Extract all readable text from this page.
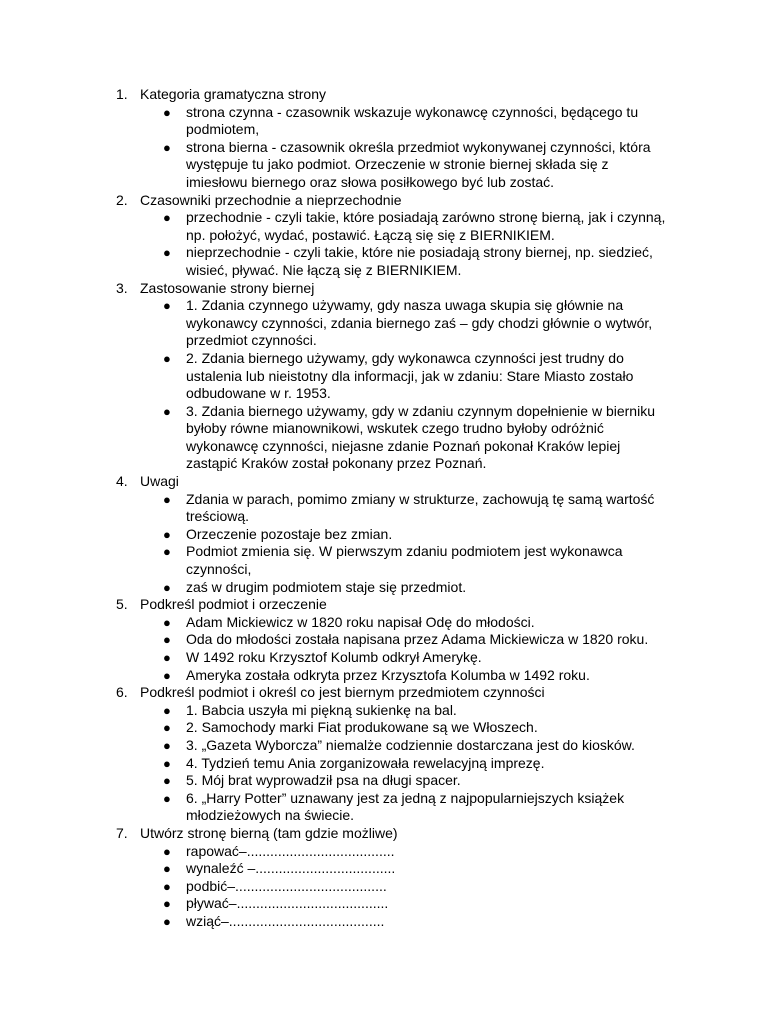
1. Kategoria gramatyczna strony
● strona czynna - czasownik wskazuje wykonawcę czynności, będącego tu
podmiotem,
● strona bierna - czasownik określa przedmiot wykonywanej czynności, która
występuje tu jako podmiot. Orzeczenie w stronie biernej składa się z
imiesłowu biernego oraz słowa posiłkowego być lub zostać.
2. Czasowniki przechodnie a nieprzechodnie
● przechodnie - czyli takie, które posiadają zarówno stronę bierną, jak i czynną,
np. położyć, wydać, postawić. Łączą się się z BIERNIKIEM.
● nieprzechodnie - czyli takie, które nie posiadają strony biernej, np. siedzieć,
wisieć, pływać. Nie łączą się z BIERNIKIEM.
3. Zastosowanie strony biernej
● 1. Zdania czynnego używamy, gdy nasza uwaga skupia się głównie na
wykonawcy czynności, zdania biernego zaś – gdy chodzi głównie o wytwór,
przedmiot czynności.
● 2. Zdania biernego używamy, gdy wykonawca czynności jest trudny do
ustalenia lub nieistotny dla informacji, jak w zdaniu: Stare Miasto zostało
odbudowane w r. 1953.
● 3. Zdania biernego używamy, gdy w zdaniu czynnym dopełnienie w bierniku
byłoby równe mianownikowi, wskutek czego trudno byłoby odróżnić
wykonawcę czynności, niejasne zdanie Poznań pokonał Kraków lepiej
zastąpić Kraków został pokonany przez Poznań.
4. Uwagi
● Zdania w parach, pomimo zmiany w strukturze, zachowują tę samą wartość
treściową.
● Orzeczenie pozostaje bez zmian.
● Podmiot zmienia się. W pierwszym zdaniu podmiotem jest wykonawca
czynności,
● zaś w drugim podmiotem staje się przedmiot.
5. Podkreśl podmiot i orzeczenie
● Adam Mickiewicz w 1820 roku napisał Odę do młodości.
● Oda do młodości została napisana przez Adama Mickiewicza w 1820 roku.
● W 1492 roku Krzysztof Kolumb odkrył Amerykę.
● Ameryka została odkryta przez Krzysztofa Kolumba w 1492 roku.
6. Podkreśl podmiot i określ co jest biernym przedmiotem czynności
● 1. Babcia uszyła mi piękną sukienkę na bal.
● 2. Samochody marki Fiat produkowane są we Włoszech.
● 3. „Gazeta Wyborcza” niemalże codziennie dostarczana jest do kiosków.
● 4. Tydzień temu Ania zorganizowała rewelacyjną imprezę.
● 5. Mój brat wyprowadził psa na długi spacer.
● 6. „Harry Potter” uznawany jest za jedną z najpopularniejszych książek
młodzieżowych na świecie.
7. Utwórz stronę bierną (tam gdzie możliwe)
● rapować–......................................
● wynaleźć –....................................
● podbić–.......................................
● pływać–.......................................
● wziąć–........................................
